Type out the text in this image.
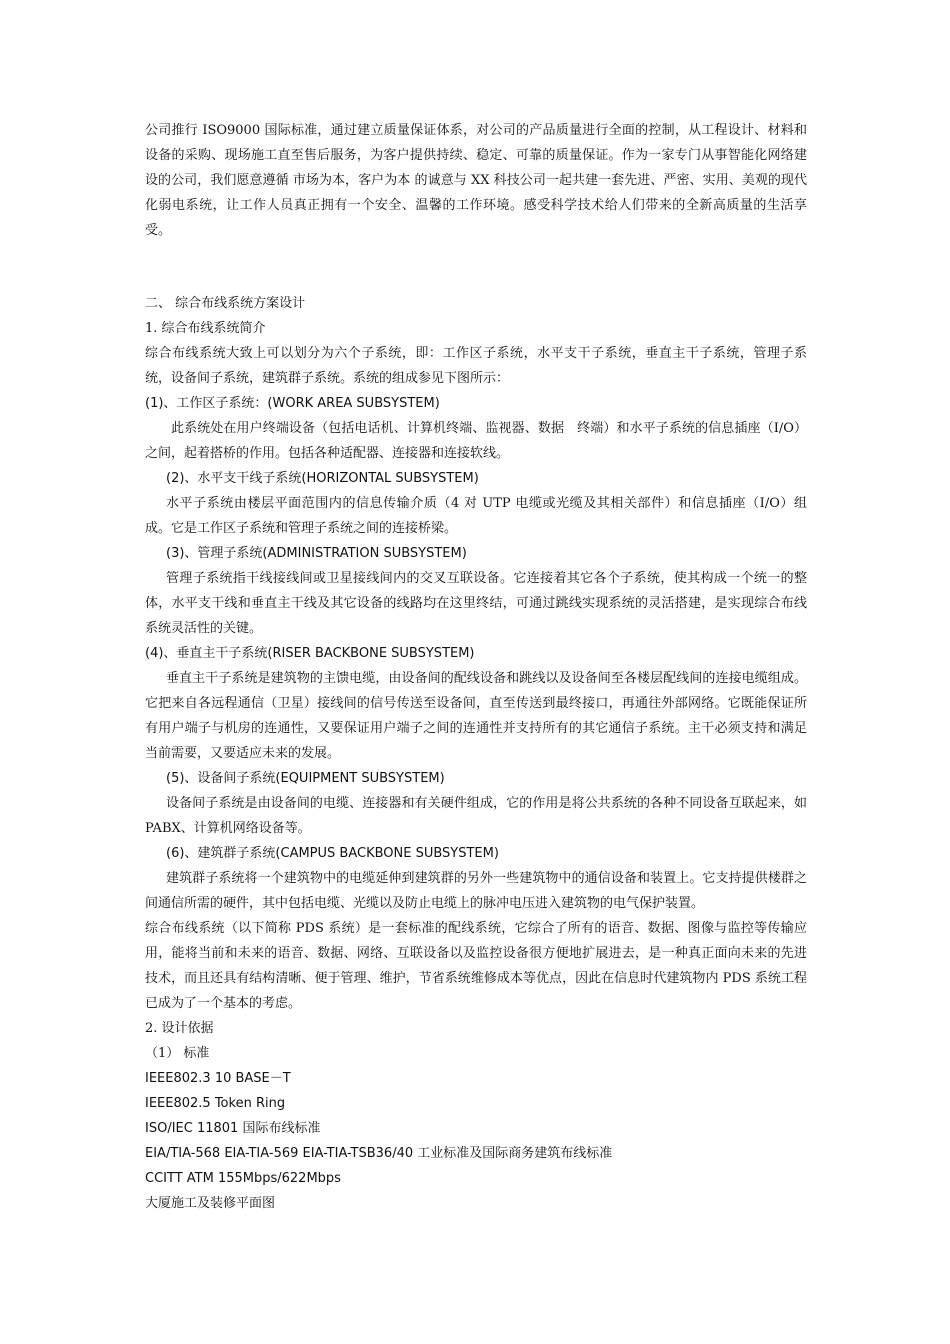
公司推行 ISO9000 国际标准，通过建立质量保证体系，对公司的产品质量进行全面的控制，从工程设计、材料和设备的采购、现场施工直至售后服务，为客户提供持续、稳定、可靠的质量保证。作为一家专门从事智能化网络建设的公司，我们愿意遵循 市场为本，客户为本 的诚意与 XX 科技公司一起共建一套先进、严密、实用、美观的现代化弱电系统，让工作人员真正拥有一个安全、温馨的工作环境。感受科学技术给人们带来的全新高质量的生活享受。

二、 综合布线系统方案设计

1. 综合布线系统简介

综合布线系统大致上可以划分为六个子系统，即：工作区子系统，水平支干子系统，垂直主干子系统，管理子系统，设备间子系统，建筑群子系统。系统的组成参见下图所示：

(1)、工作区子系统：(WORK AREA SUBSYSTEM)

此系统处在用户终端设备（包括电话机、计算机终端、监视器、数据　终端）和水平子系统的信息插座（I/O）之间，起着搭桥的作用。包括各种适配器、连接器和连接软线。

(2)、水平支干线子系统(HORIZONTAL SUBSYSTEM)

水平子系统由楼层平面范围内的信息传输介质（4 对 UTP 电缆或光缆及其相关部件）和信息插座（I/O）组成。它是工作区子系统和管理子系统之间的连接桥梁。

(3)、管理子系统(ADMINISTRATION SUBSYSTEM)

管理子系统指干线接线间或卫星接线间内的交叉互联设备。它连接着其它各个子系统，使其构成一个统一的整体，水平支干线和垂直主干线及其它设备的线路均在这里终结，可通过跳线实现系统的灵活搭建，是实现综合布线系统灵活性的关键。

(4)、垂直主干子系统(RISER BACKBONE SUBSYSTEM)

垂直主干子系统是建筑物的主馈电缆，由设备间的配线设备和跳线以及设备间至各楼层配线间的连接电缆组成。它把来自各远程通信（卫星）接线间的信号传送至设备间，直至传送到最终接口，再通往外部网络。它既能保证所有用户端子与机房的连通性，又要保证用户端子之间的连通性并支持所有的其它通信子系统。主干必须支持和满足当前需要，又要适应未来的发展。

(5)、设备间子系统(EQUIPMENT SUBSYSTEM)

设备间子系统是由设备间的电缆、连接器和有关硬件组成，它的作用是将公共系统的各种不同设备互联起来，如 PABX、计算机网络设备等。

(6)、建筑群子系统(CAMPUS BACKBONE SUBSYSTEM)

建筑群子系统将一个建筑物中的电缆延伸到建筑群的另外一些建筑物中的通信设备和装置上。它支持提供楼群之间通信所需的硬件，其中包括电缆、光缆以及防止电缆上的脉冲电压进入建筑物的电气保护装置。

综合布线系统（以下简称 PDS 系统）是一套标准的配线系统，它综合了所有的语音、数据、图像与监控等传输应用，能将当前和未来的语音、数据、网络、互联设备以及监控设备很方便地扩展进去，是一种真正面向未来的先进技术，而且还具有结构清晰、便于管理、维护，节省系统维修成本等优点，因此在信息时代建筑物内 PDS 系统工程已成为了一个基本的考虑。

2. 设计依据

（1） 标准

IEEE802.3 10 BASE－T

IEEE802.5 Token Ring

ISO/IEC 11801 国际布线标准

EIA/TIA-568 EIA-TIA-569 EIA-TIA-TSB36/40 工业标准及国际商务建筑布线标准

CCITT ATM 155Mbps/622Mbps

大厦施工及装修平面图
